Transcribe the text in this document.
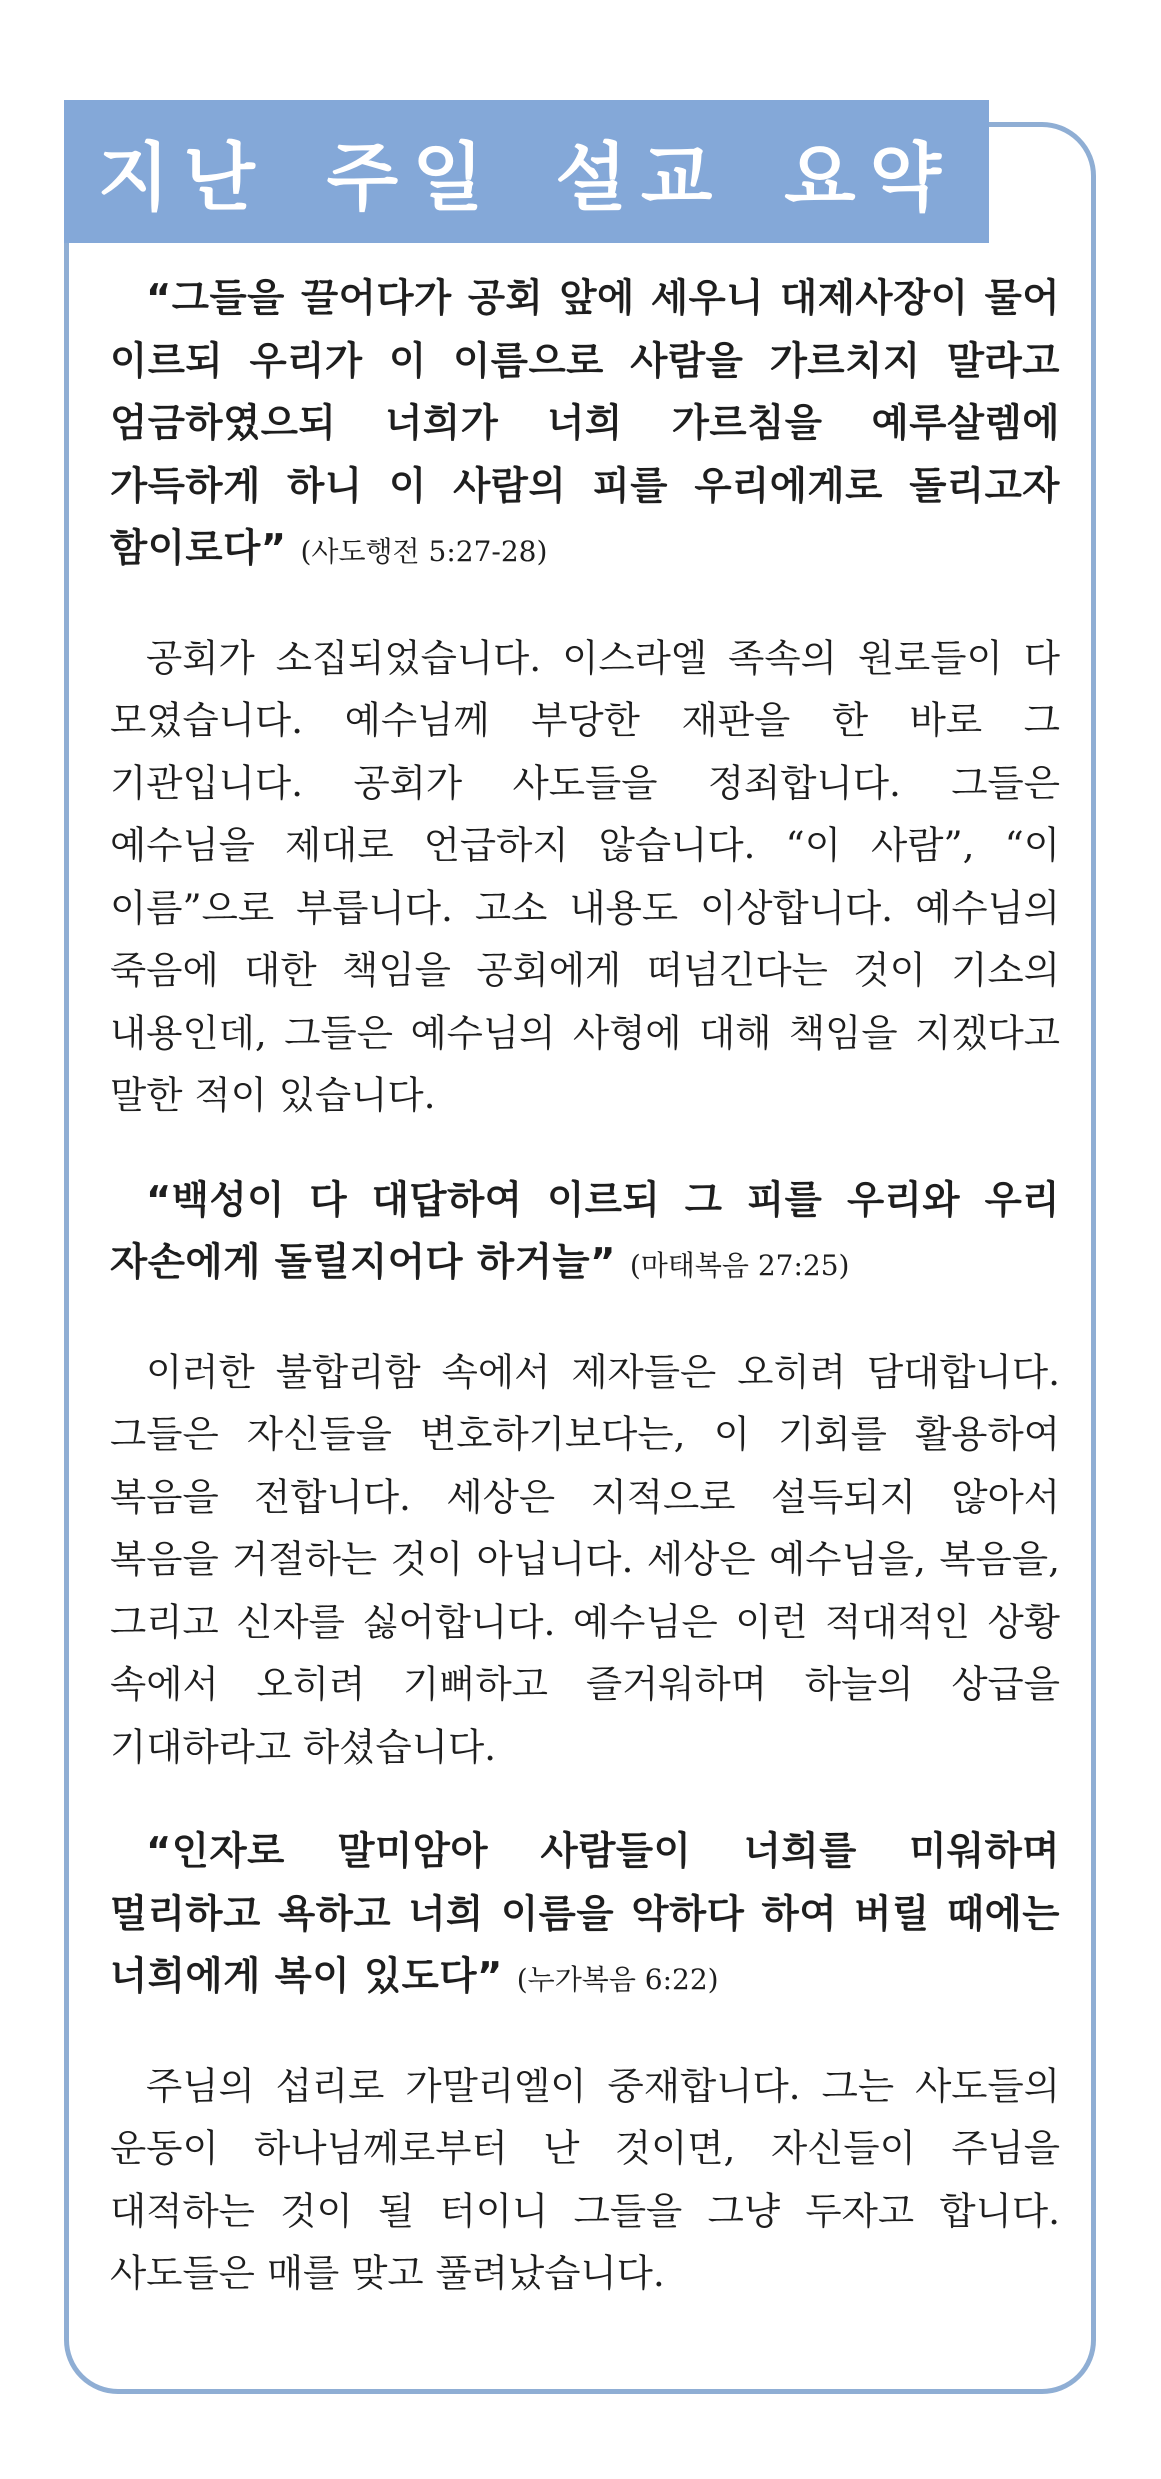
지난 주일 설교 요약

“그들을 끌어다가 공회 앞에 세우니 대제사장이 물어 이르되 우리가 이 이름으로 사람을 가르치지 말라고 엄금하였으되 너희가 너희 가르침을 예루살렘에 가득하게 하니 이 사람의 피를 우리에게로 돌리고자 함이로다” (사도행전 5:27-28)

공회가 소집되었습니다. 이스라엘 족속의 원로들이 다 모였습니다. 예수님께 부당한 재판을 한 바로 그 기관입니다. 공회가 사도들을 정죄합니다. 그들은 예수님을 제대로 언급하지 않습니다. “이 사람”, “이 이름”으로 부릅니다. 고소 내용도 이상합니다. 예수님의 죽음에 대한 책임을 공회에게 떠넘긴다는 것이 기소의 내용인데, 그들은 예수님의 사형에 대해 책임을 지겠다고 말한 적이 있습니다.

“백성이 다 대답하여 이르되 그 피를 우리와 우리 자손에게 돌릴지어다 하거늘” (마태복음 27:25)

이러한 불합리함 속에서 제자들은 오히려 담대합니다. 그들은 자신들을 변호하기보다는, 이 기회를 활용하여 복음을 전합니다. 세상은 지적으로 설득되지 않아서 복음을 거절하는 것이 아닙니다. 세상은 예수님을, 복음을, 그리고 신자를 싫어합니다. 예수님은 이런 적대적인 상황 속에서 오히려 기뻐하고 즐거워하며 하늘의 상급을 기대하라고 하셨습니다.

“인자로 말미암아 사람들이 너희를 미워하며 멀리하고 욕하고 너희 이름을 악하다 하여 버릴 때에는 너희에게 복이 있도다” (누가복음 6:22)

주님의 섭리로 가말리엘이 중재합니다. 그는 사도들의 운동이 하나님께로부터 난 것이면, 자신들이 주님을 대적하는 것이 될 터이니 그들을 그냥 두자고 합니다. 사도들은 매를 맞고 풀려났습니다.
